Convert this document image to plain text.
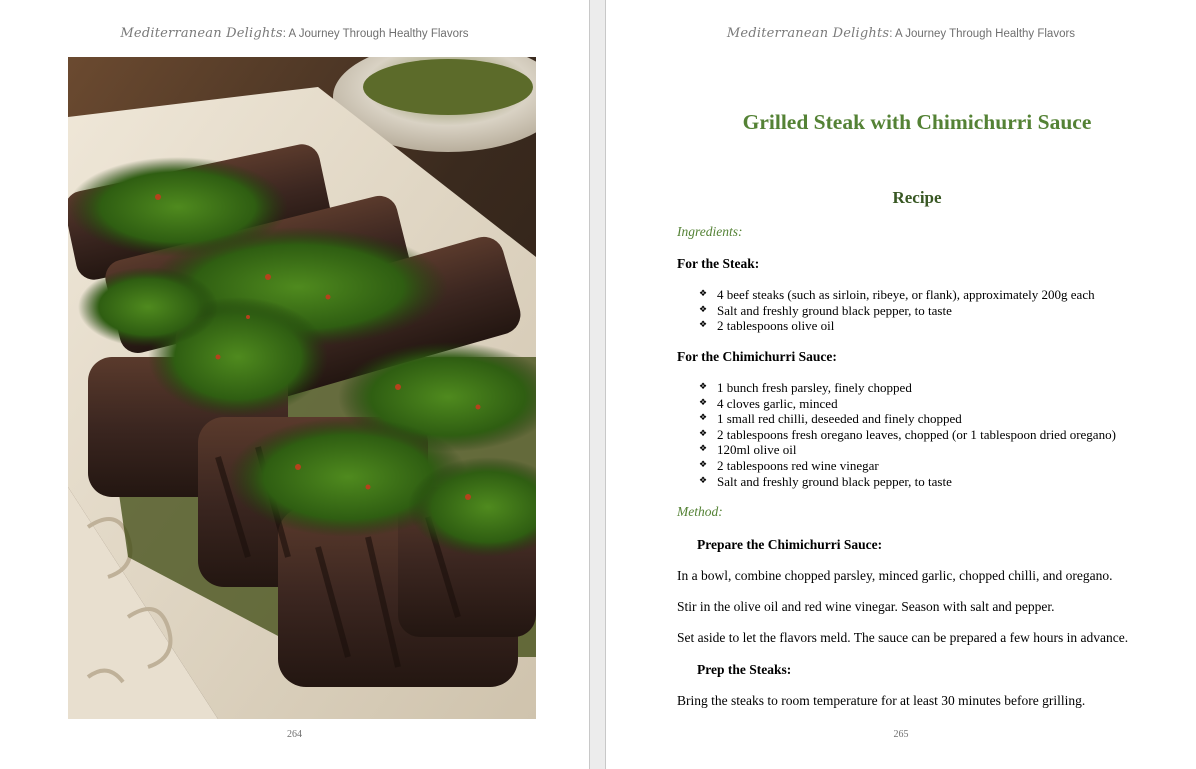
Mediterranean Delights: A Journey Through Healthy Flavors
264
Mediterranean Delights: A Journey Through Healthy Flavors
Grilled Steak with Chimichurri Sauce
Recipe
Ingredients:
For the Steak:
❖ 4 beef steaks (such as sirloin, ribeye, or flank), approximately 200g each
❖ Salt and freshly ground black pepper, to taste
❖ 2 tablespoons olive oil
For the Chimichurri Sauce:
❖ 1 bunch fresh parsley, finely chopped
❖ 4 cloves garlic, minced
❖ 1 small red chilli, deseeded and finely chopped
❖ 2 tablespoons fresh oregano leaves, chopped (or 1 tablespoon dried oregano)
❖ 120ml olive oil
❖ 2 tablespoons red wine vinegar
❖ Salt and freshly ground black pepper, to taste
Method:
Prepare the Chimichurri Sauce:

In a bowl, combine chopped parsley, minced garlic, chopped chilli, and oregano.

Stir in the olive oil and red wine vinegar. Season with salt and pepper.

Set aside to let the flavors meld. The sauce can be prepared a few hours in advance.

Prep the Steaks:

Bring the steaks to room temperature for at least 30 minutes before grilling.

265
